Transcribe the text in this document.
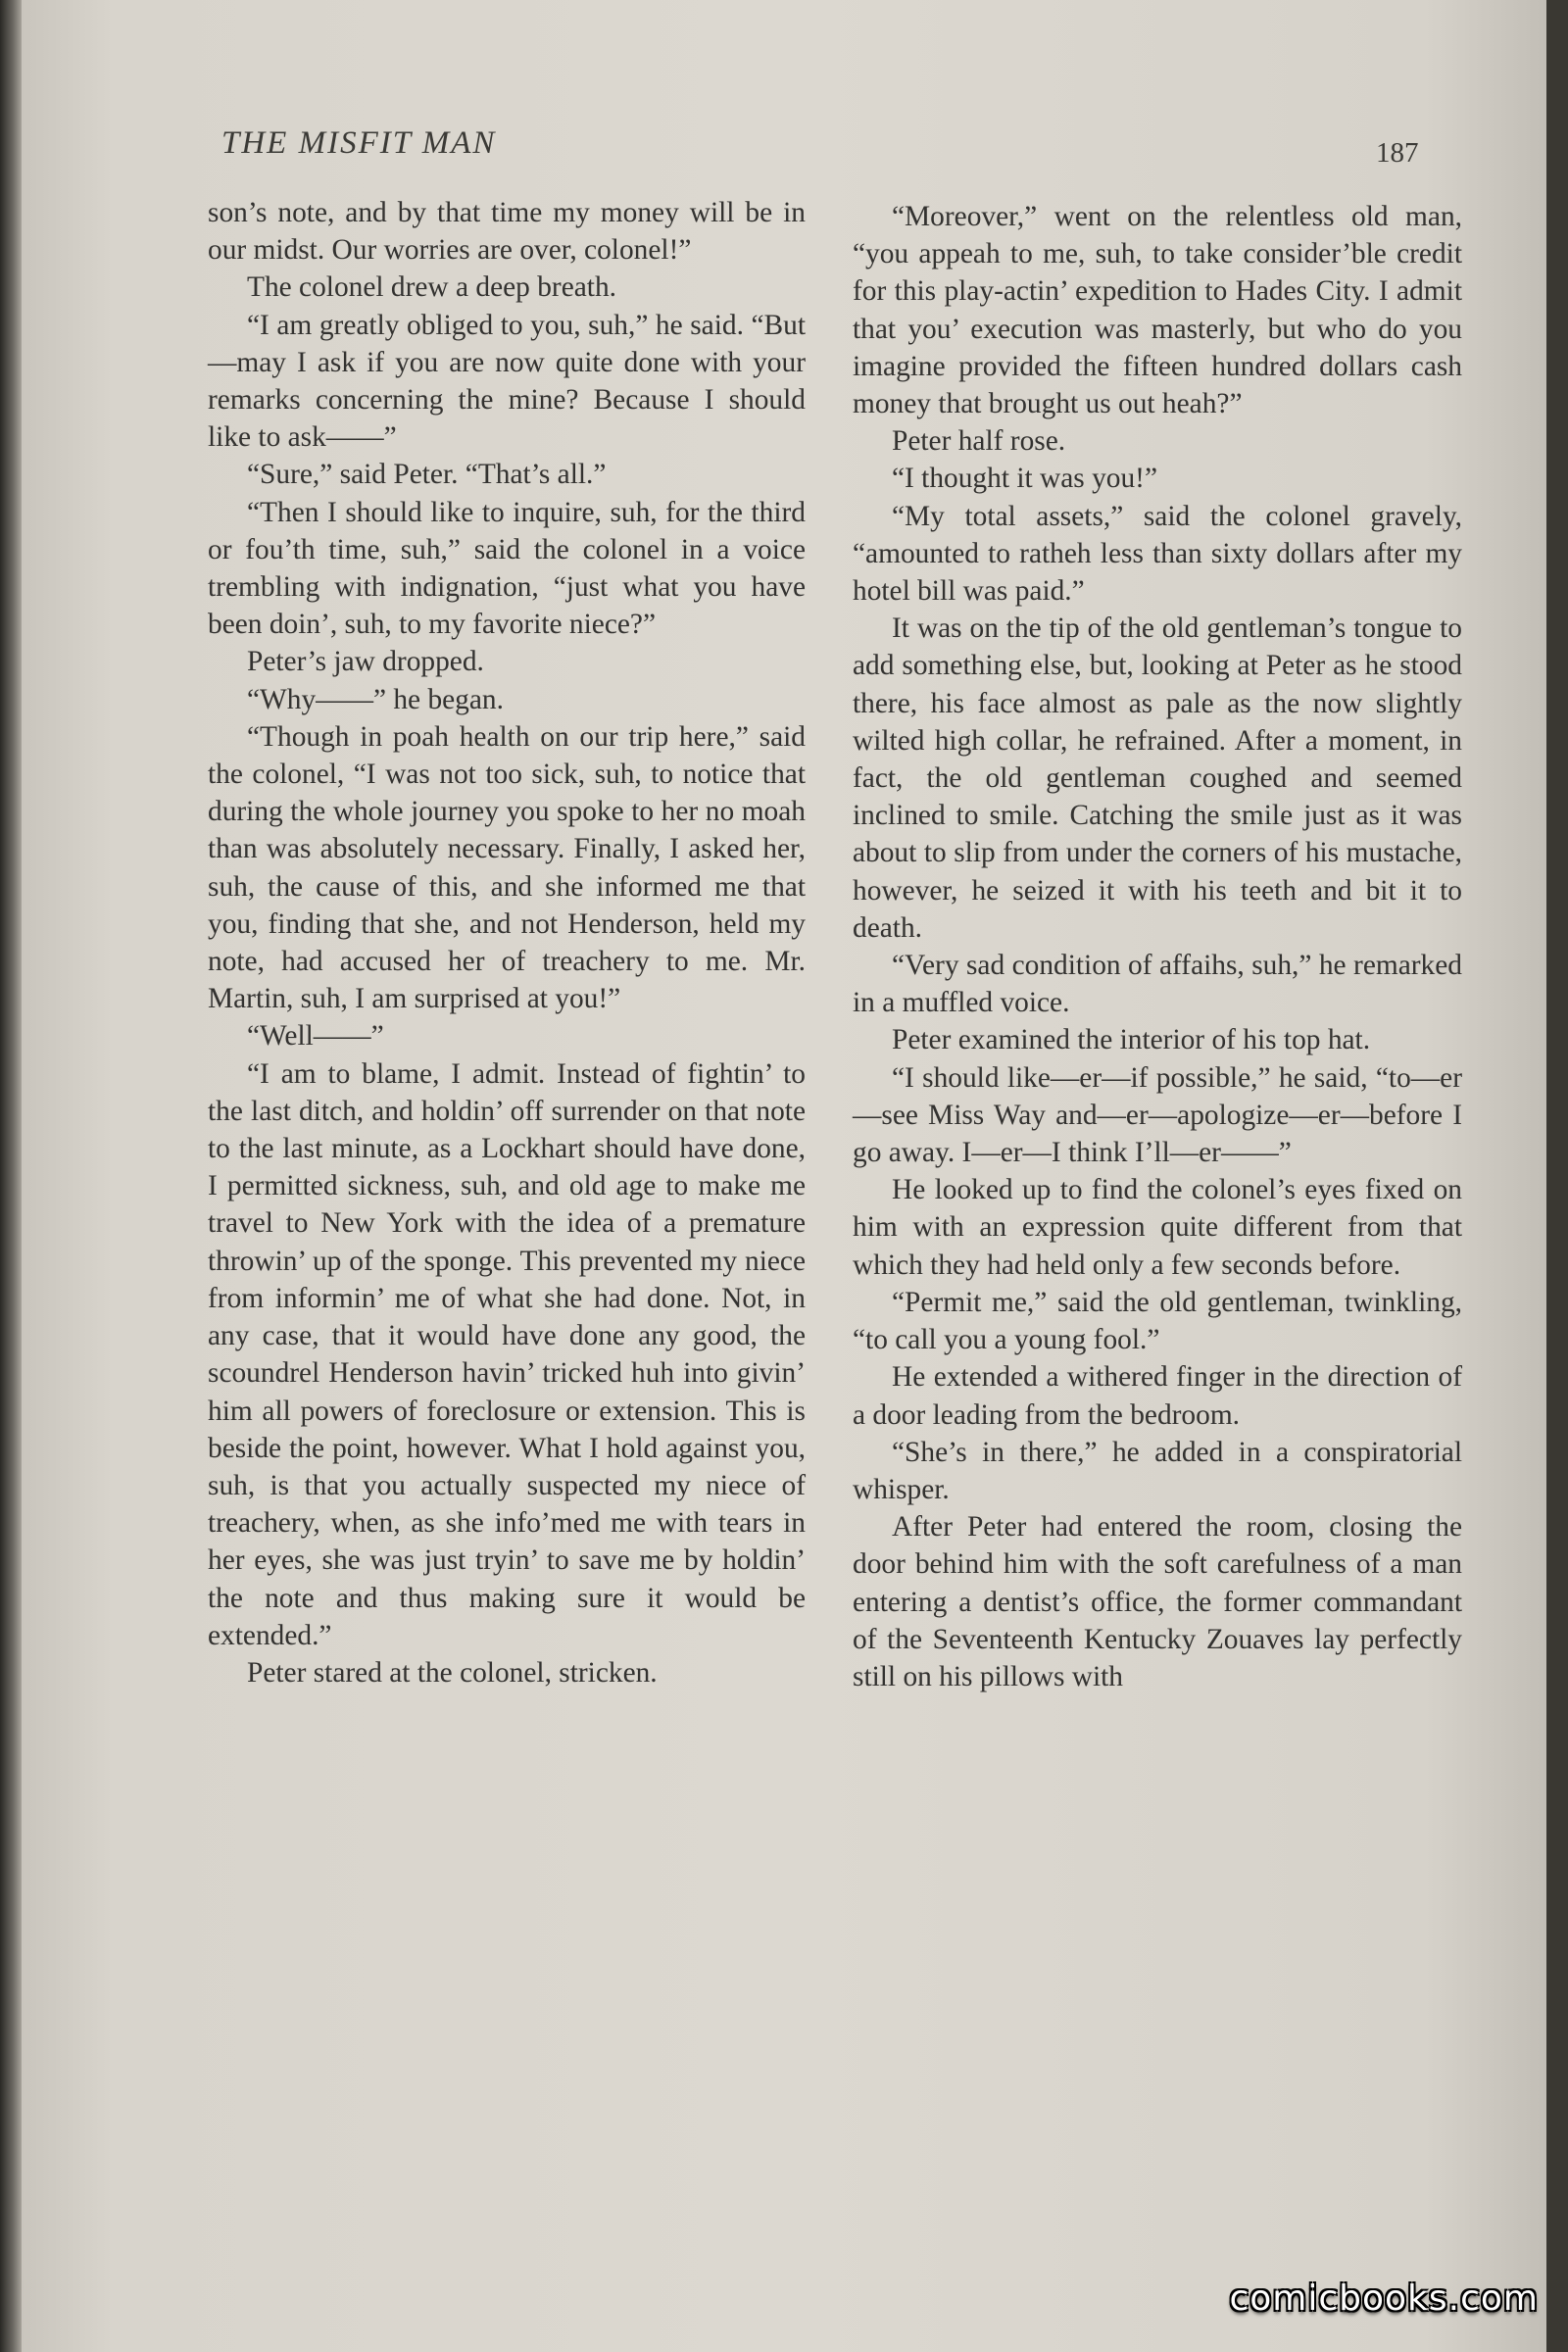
THE MISFIT MAN	187

son’s note, and by that time my money will be in our midst. Our worries are over, colonel!”

The colonel drew a deep breath.

“I am greatly obliged to you, suh,” he said. “But—may I ask if you are now quite done with your remarks concerning the mine? Because I should like to ask——”

“Sure,” said Peter. “That’s all.”

“Then I should like to inquire, suh, for the third or fou’th time, suh,” said the colonel in a voice trembling with indignation, “just what you have been doin’, suh, to my favorite niece?”

Peter’s jaw dropped.

“Why——” he began.

“Though in poah health on our trip here,” said the colonel, “I was not too sick, suh, to notice that during the whole journey you spoke to her no moah than was absolutely necessary. Finally, I asked her, suh, the cause of this, and she informed me that you, finding that she, and not Henderson, held my note, had accused her of treachery to me. Mr. Martin, suh, I am surprised at you!”

“Well——”

“I am to blame, I admit. Instead of fightin’ to the last ditch, and holdin’ off surrender on that note to the last minute, as a Lockhart should have done, I permitted sickness, suh, and old age to make me travel to New York with the idea of a premature throwin’ up of the sponge. This prevented my niece from informin’ me of what she had done. Not, in any case, that it would have done any good, the scoundrel Henderson havin’ tricked huh into givin’ him all powers of foreclosure or extension. This is beside the point, however. What I hold against you, suh, is that you actually suspected my niece of treachery, when, as she info’med me with tears in her eyes, she was just tryin’ to save me by holdin’ the note and thus making sure it would be extended.”

Peter stared at the colonel, stricken.

“Moreover,” went on the relentless old man, “you appeah to me, suh, to take consider’ble credit for this play-actin’ expedition to Hades City. I admit that you’ execution was masterly, but who do you imagine provided the fifteen hundred dollars cash money that brought us out heah?”

Peter half rose.

“I thought it was you!”

“My total assets,” said the colonel gravely, “amounted to ratheh less than sixty dollars after my hotel bill was paid.”

It was on the tip of the old gentleman’s tongue to add something else, but, looking at Peter as he stood there, his face almost as pale as the now slightly wilted high collar, he refrained. After a moment, in fact, the old gentleman coughed and seemed inclined to smile. Catching the smile just as it was about to slip from under the corners of his mustache, however, he seized it with his teeth and bit it to death.

“Very sad condition of affaihs, suh,” he remarked in a muffled voice.

Peter examined the interior of his top hat.

“I should like—er—if possible,” he said, “to—er—see Miss Way and—er—apologize—er—before I go away. I—er—I think I’ll—er——”

He looked up to find the colonel’s eyes fixed on him with an expression quite different from that which they had held only a few seconds before.

“Permit me,” said the old gentleman, twinkling, “to call you a young fool.”

He extended a withered finger in the direction of a door leading from the bedroom.

“She’s in there,” he added in a conspiratorial whisper.

After Peter had entered the room, closing the door behind him with the soft carefulness of a man entering a dentist’s office, the former commandant of the Seventeenth Kentucky Zouaves lay perfectly still on his pillows with

comicbooks.com
